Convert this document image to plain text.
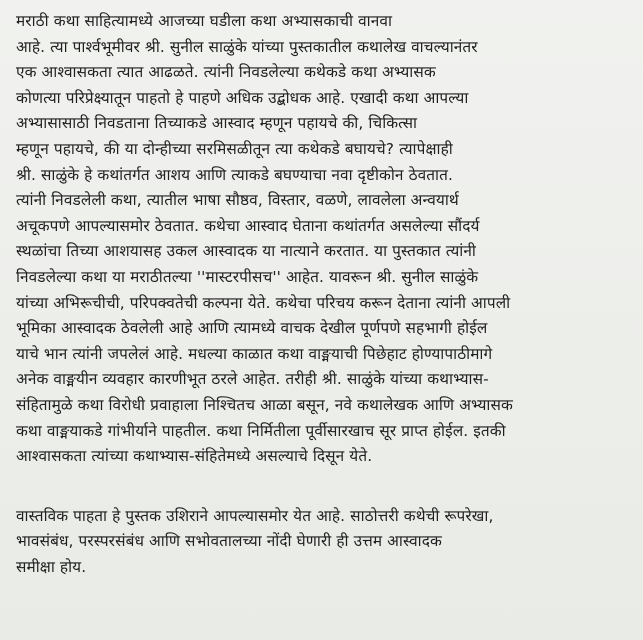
मराठी कथा साहित्यामध्ये आजच्या घडीला कथा अभ्यासकाची वानवा
आहे. त्या पार्श्वभूमीवर श्री. सुनील साळुंके यांच्या पुस्तकातील कथालेख वाचल्यानंतर
एक आश्वासकता त्यात आढळते. त्यांनी निवडलेल्या कथेकडे कथा अभ्यासक
कोणत्या परिप्रेक्ष्यातून पाहतो हे पाहणे अधिक उद्बोधक आहे. एखादी कथा आपल्या
अभ्यासासाठी निवडताना तिच्याकडे आस्वाद म्हणून पहायचे की, चिकित्सा
म्हणून पहायचे, की या दोन्हीच्या सरमिसळीतून त्या कथेकडे बघायचे? त्यापेक्षाही
श्री. साळुंके हे कथांतर्गत आशय आणि त्याकडे बघण्याचा नवा दृष्टीकोन ठेवतात.
त्यांनी निवडलेली कथा, त्यातील भाषा सौष्ठव, विस्तार, वळणे, लावलेला अन्वयार्थ
अचूकपणे आपल्यासमोर ठेवतात. कथेचा आस्वाद घेताना कथांतर्गत असलेल्या सौंदर्य
स्थळांचा तिच्या आशयासह उकल आस्वादक या नात्याने करतात. या पुस्तकात त्यांनी
निवडलेल्या कथा या मराठीतल्या ''मास्टरपीसच'' आहेत. यावरून श्री. सुनील साळुंके
यांच्या अभिरूचीची, परिपक्वतेची कल्पना येते. कथेचा परिचय करून देताना त्यांनी आपली
भूमिका आस्वादक ठेवलेली आहे आणि त्यामध्ये वाचक देखील पूर्णपणे सहभागी होईल
याचे भान त्यांनी जपलेलं आहे. मधल्या काळात कथा वाङ्मयाची पिछेहाट होण्यापाठीमागे
अनेक वाङ्मयीन व्यवहार कारणीभूत ठरले आहेत. तरीही श्री. साळुंके यांच्या कथाभ्यास-
संहितामुळे कथा विरोधी प्रवाहाला निश्चितच आळा बसून, नवे कथालेखक आणि अभ्यासक
कथा वाङ्मयाकडे गांभीर्याने पाहतील. कथा निर्मितीला पूर्वीसारखाच सूर प्राप्त होईल. इतकी
आश्वासकता त्यांच्या कथाभ्यास-संहितेमध्ये असल्याचे दिसून येते.

वास्तविक पाहता हे पुस्तक उशिराने आपल्यासमोर येत आहे. साठोत्तरी कथेची रूपरेखा,
भावसंबंध, परस्परसंबंध आणि सभोवतालच्या नोंदी घेणारी ही उत्तम आस्वादक
समीक्षा होय.
